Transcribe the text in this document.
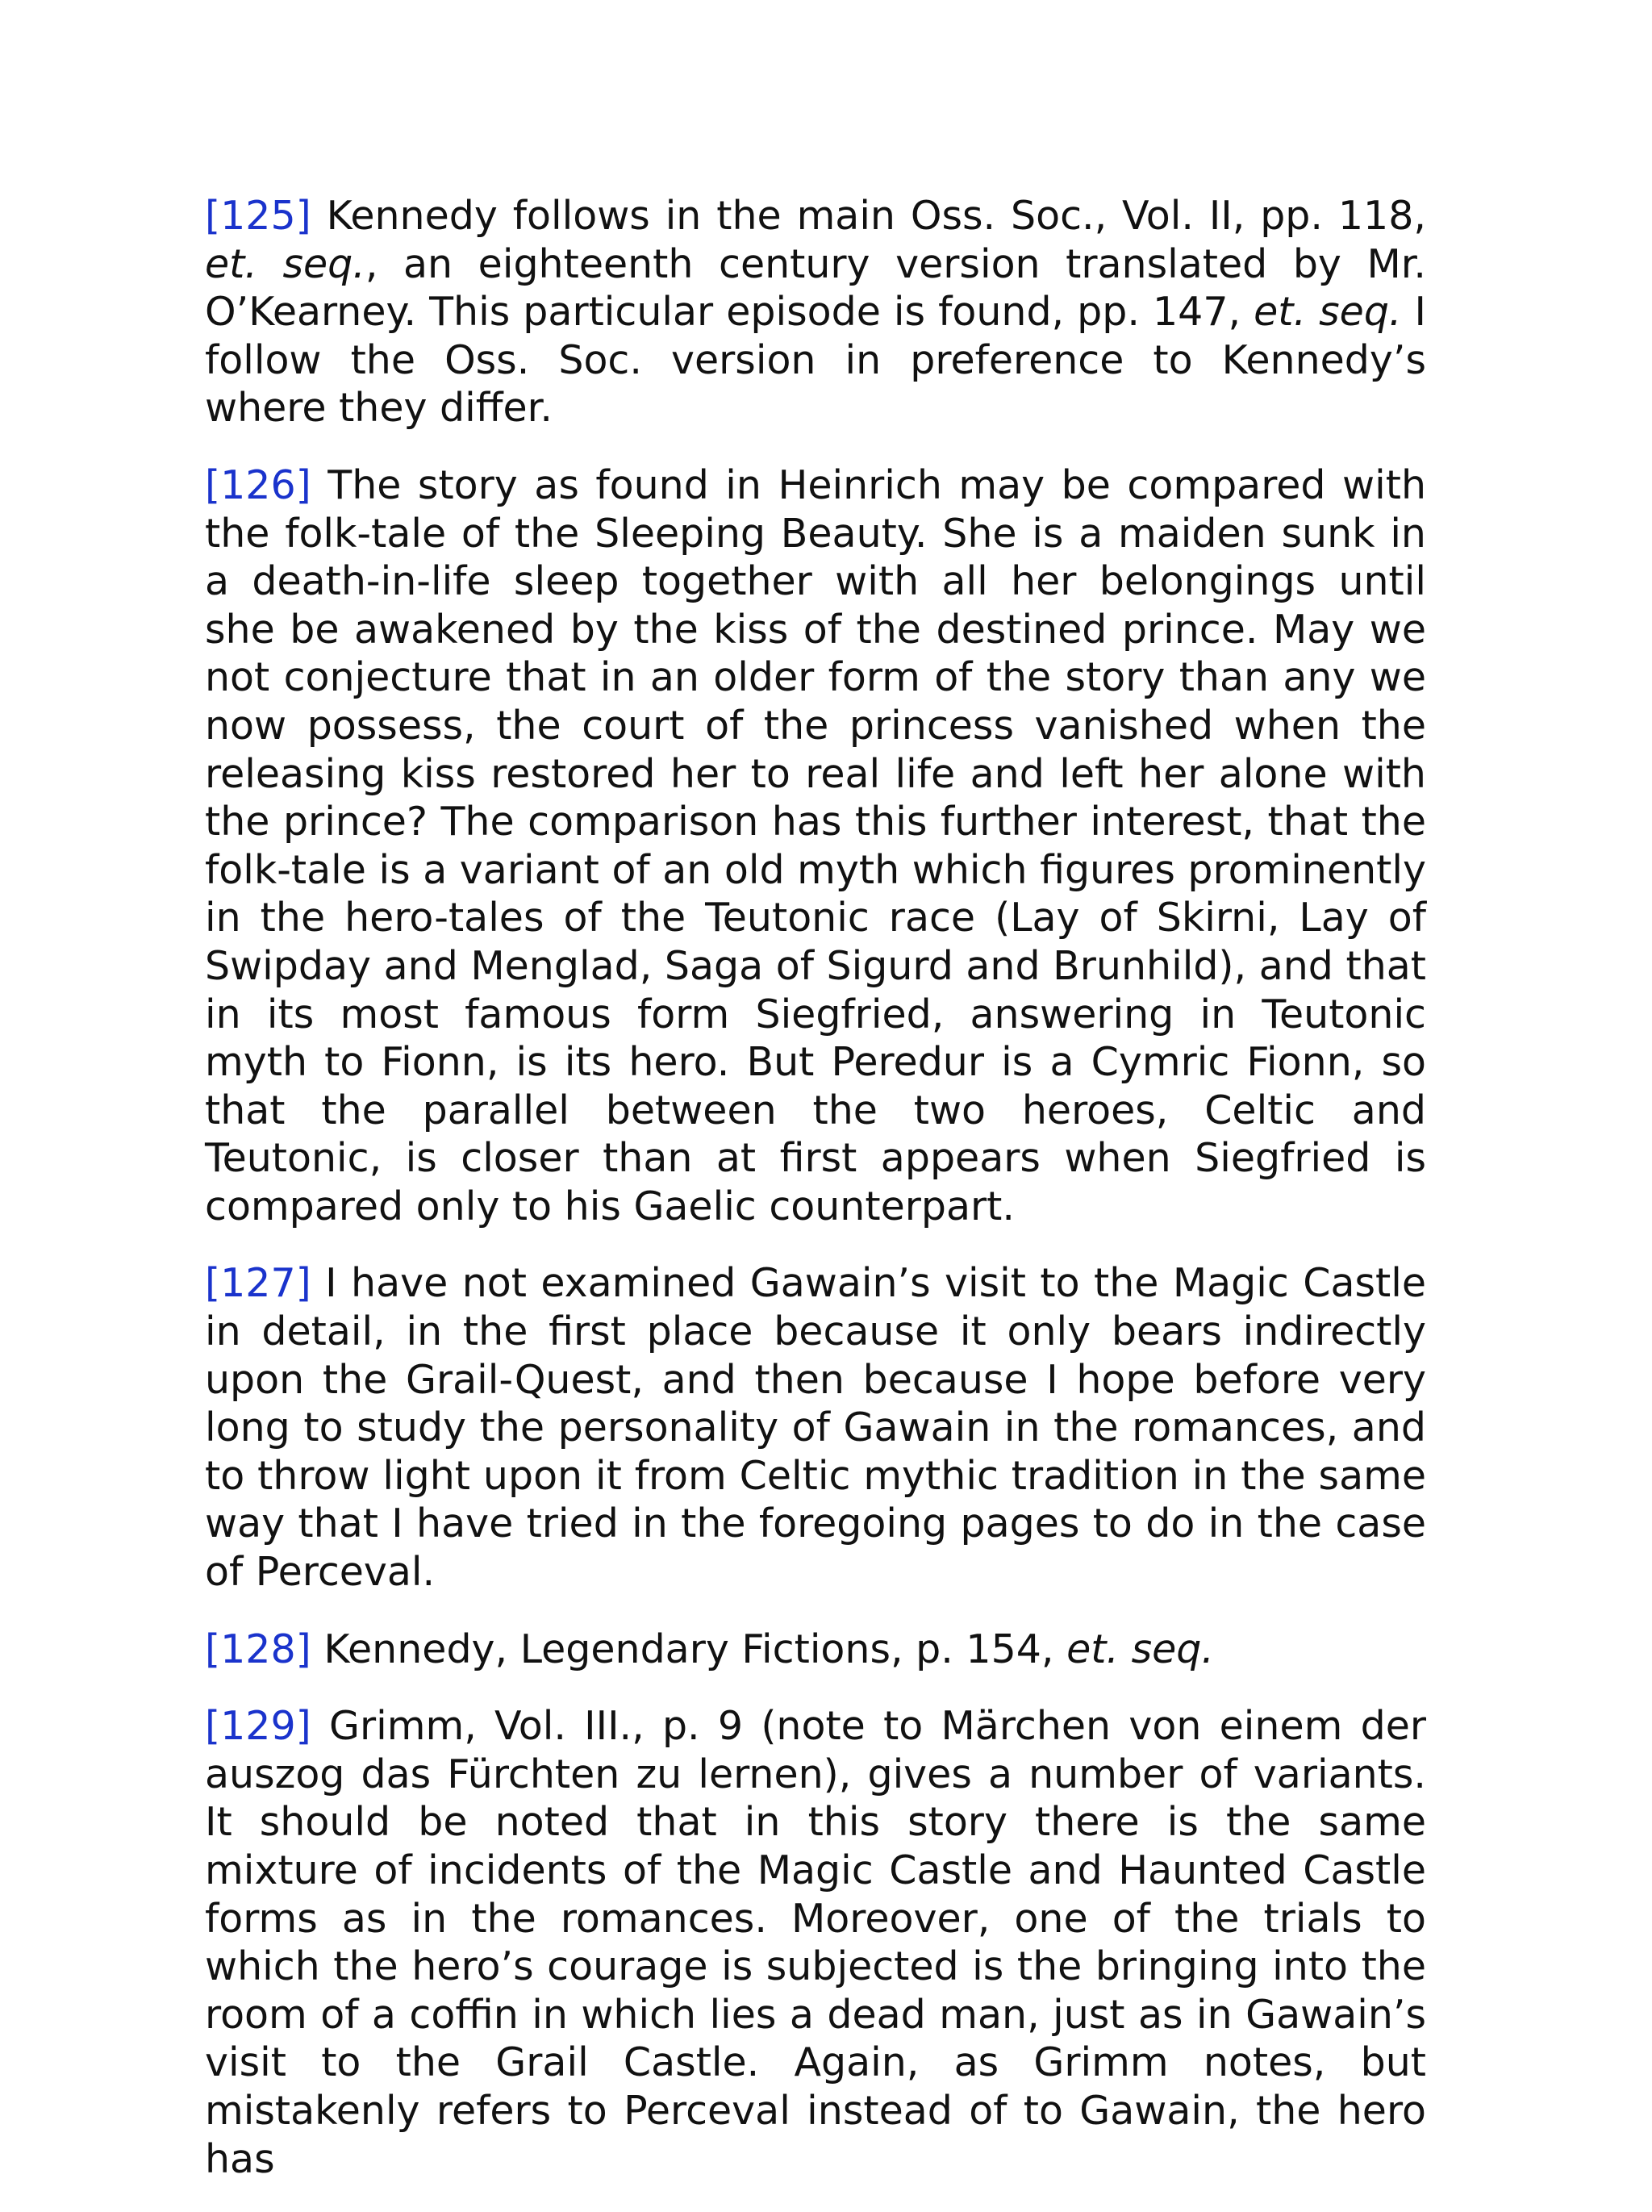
[125] Kennedy follows in the main Oss. Soc., Vol. II, pp. 118, et. seq., an eighteenth century version translated by Mr. O’Kearney. This particular episode is found, pp. 147, et. seq. I follow the Oss. Soc. version in preference to Kennedy’s where they differ.

[126] The story as found in Heinrich may be compared with the folk-tale of the Sleeping Beauty. She is a maiden sunk in a death-in-life sleep together with all her belongings until she be awakened by the kiss of the destined prince. May we not conjecture that in an older form of the story than any we now possess, the court of the princess vanished when the releasing kiss restored her to real life and left her alone with the prince? The comparison has this further interest, that the folk-tale is a variant of an old myth which figures prominently in the hero-tales of the Teutonic race (Lay of Skirni, Lay of Swipday and Menglad, Saga of Sigurd and Brunhild), and that in its most famous form Siegfried, answering in Teutonic myth to Fionn, is its hero. But Peredur is a Cymric Fionn, so that the parallel between the two heroes, Celtic and Teutonic, is closer than at first appears when Siegfried is compared only to his Gaelic counterpart.

[127] I have not examined Gawain’s visit to the Magic Castle in detail, in the first place because it only bears indirectly upon the Grail-Quest, and then because I hope before very long to study the personality of Gawain in the romances, and to throw light upon it from Celtic mythic tradition in the same way that I have tried in the foregoing pages to do in the case of Perceval.

[128] Kennedy, Legendary Fictions, p. 154, et. seq.

[129] Grimm, Vol. III., p. 9 (note to Märchen von einem der auszog das Fürchten zu lernen), gives a number of variants. It should be noted that in this story there is the same mixture of incidents of the Magic Castle and Haunted Castle forms as in the romances. Moreover, one of the trials to which the hero’s courage is subjected is the bringing into the room of a coffin in which lies a dead man, just as in Gawain’s visit to the Grail Castle. Again, as Grimm notes, but mistakenly refers to Perceval instead of to Gawain, the hero has
